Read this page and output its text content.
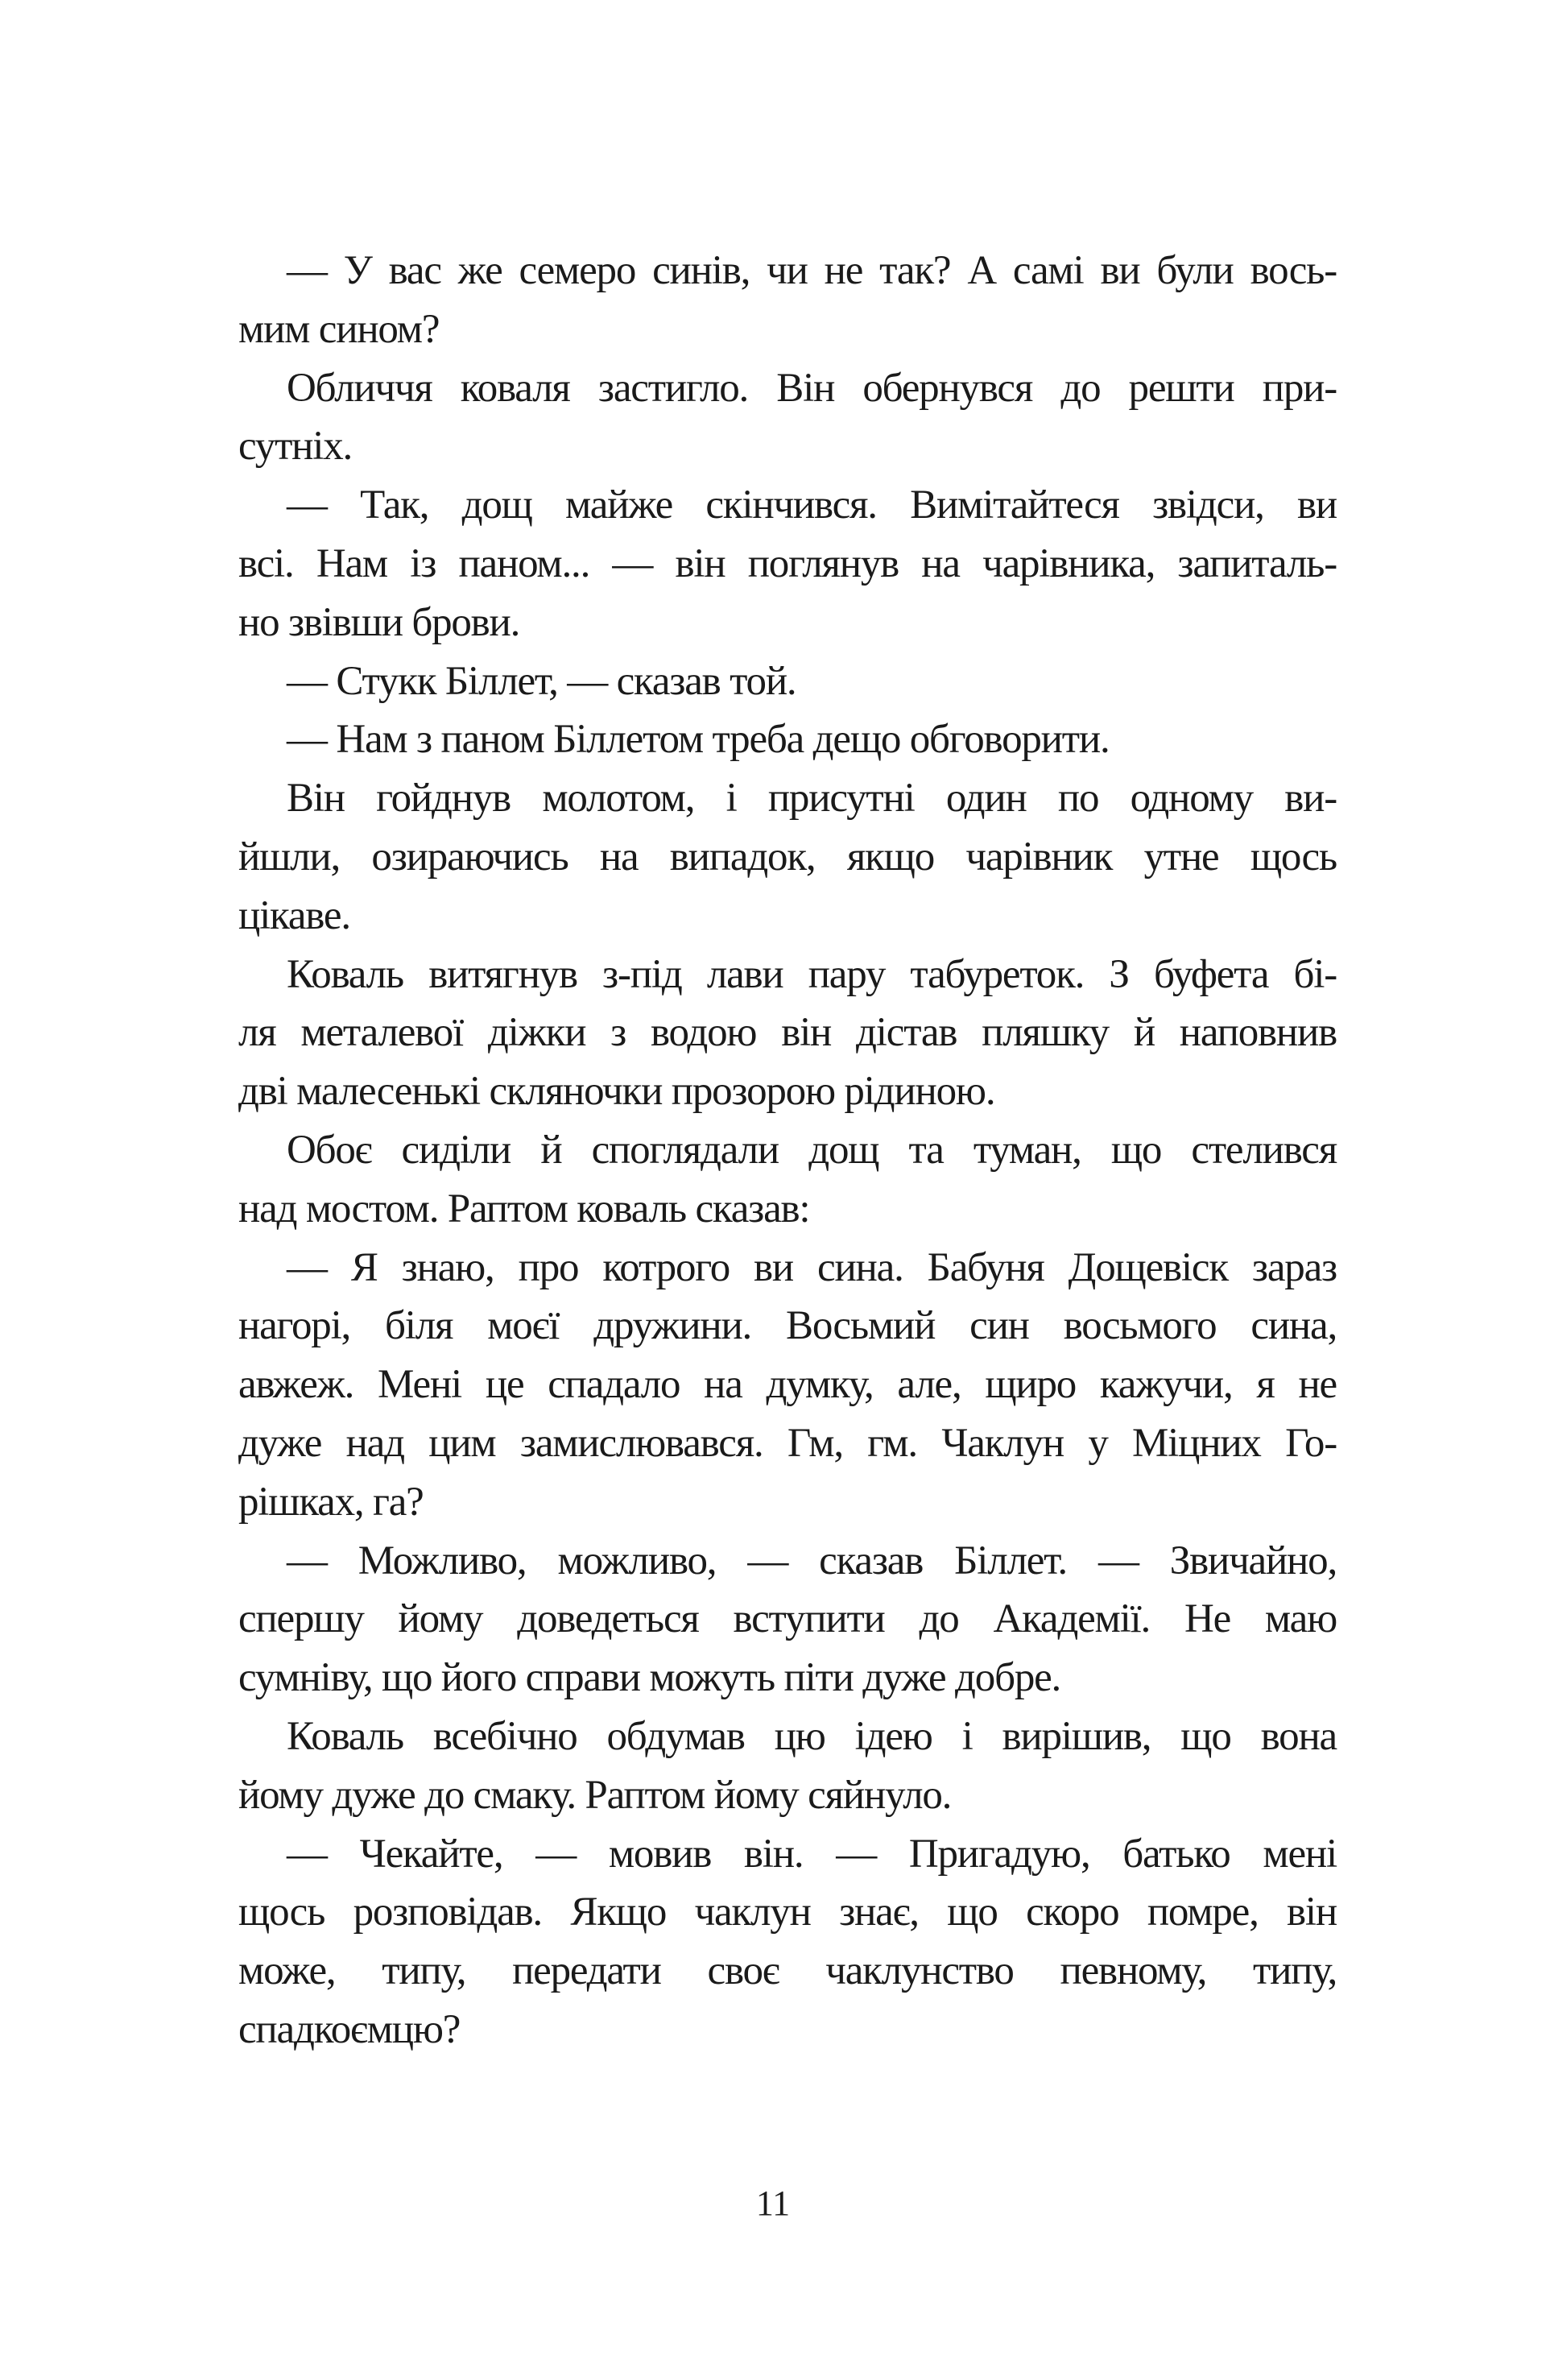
— У вас же семеро синів, чи не так? А самі ви були вось-
мим сином?
Обличчя коваля застигло. Він обернувся до решти при-
сутніх.
— Так, дощ майже скінчився. Вимітайтеся звідси, ви
всі. Нам із паном... — він поглянув на чарівника, запиталь-
но звівши брови.
— Стукк Біллет, — сказав той.
— Нам з паном Біллетом треба дещо обговорити.
Він гойднув молотом, і присутні один по одному ви-
йшли, озираючись на випадок, якщо чарівник утне щось
цікаве.
Коваль витягнув з-під лави пару табуреток. З буфета бі-
ля металевої діжки з водою він дістав пляшку й наповнив
дві малесенькі скляночки прозорою рідиною.
Обоє сиділи й споглядали дощ та туман, що стелився
над мостом. Раптом коваль сказав:
— Я знаю, про котрого ви сина. Бабуня Дощевіск зараз
нагорі, біля моєї дружини. Восьмий син восьмого сина,
авжеж. Мені це спадало на думку, але, щиро кажучи, я не
дуже над цим замислювався. Гм, гм. Чаклун у Міцних Го-
рішках, га?
— Можливо, можливо, — сказав Біллет. — Звичайно,
спершу йому доведеться вступити до Академії. Не маю
сумніву, що його справи можуть піти дуже добре.
Коваль всебічно обдумав цю ідею і вирішив, що вона
йому дуже до смаку. Раптом йому сяйнуло.
— Чекайте, — мовив він. — Пригадую, батько мені
щось розповідав. Якщо чаклун знає, що скоро помре, він
може, типу, передати своє чаклунство певному, типу,
спадкоємцю?
11
